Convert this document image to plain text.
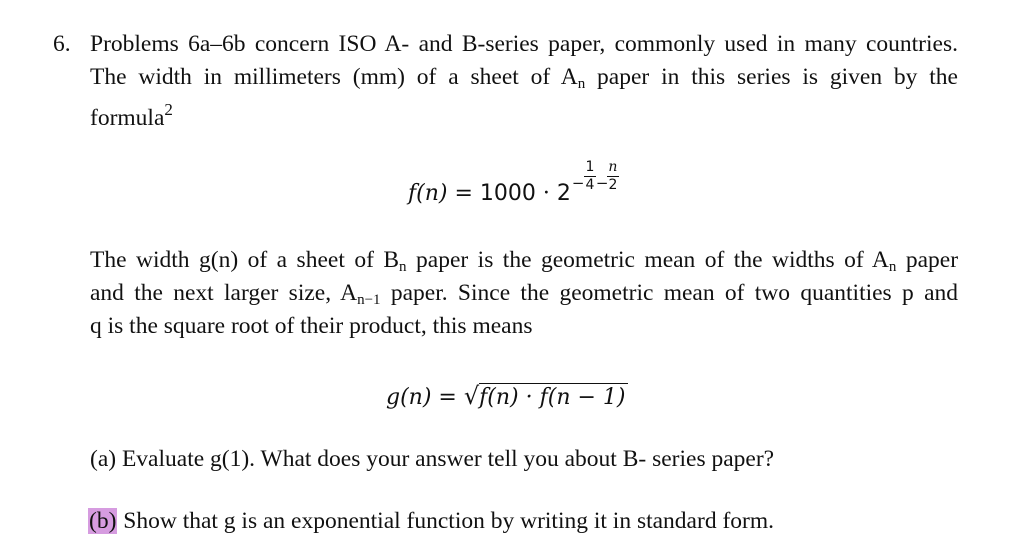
6. Problems 6a–6b concern ISO A- and B-series paper, commonly used in many countries.
The width in millimeters (mm) of a sheet of An paper in this series is given by the
formula$^2$
f(n) = 1000 · 2 −
1
4 −
n
2
The width g(n) of a sheet of Bn paper is the geometric mean of the widths of An paper
and the next larger size, An−1 paper. Since the geometric mean of two quantities p and
q is the square root of their product, this means
g(n) = √
f(n) · f(n − 1)
(a) Evaluate g(1). What does your answer tell you about B- series paper?
(b) Show that g is an exponential function by writing it in standard form.
